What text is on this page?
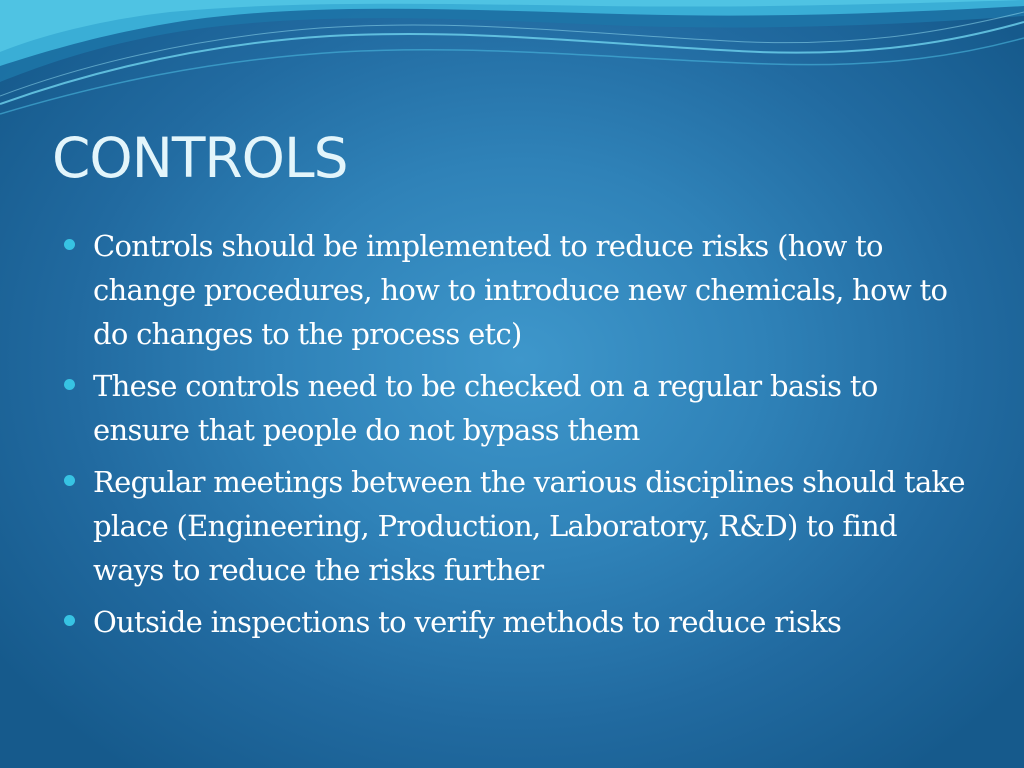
CONTROLS
Controls should be implemented to reduce risks (how to change procedures, how to introduce new chemicals, how to do changes to the process etc)
These controls need to be checked on a regular basis to ensure that people do not bypass them
Regular meetings between the various disciplines should take place (Engineering, Production, Laboratory, R&D) to find ways to reduce the risks further
Outside inspections to verify methods to reduce risks
